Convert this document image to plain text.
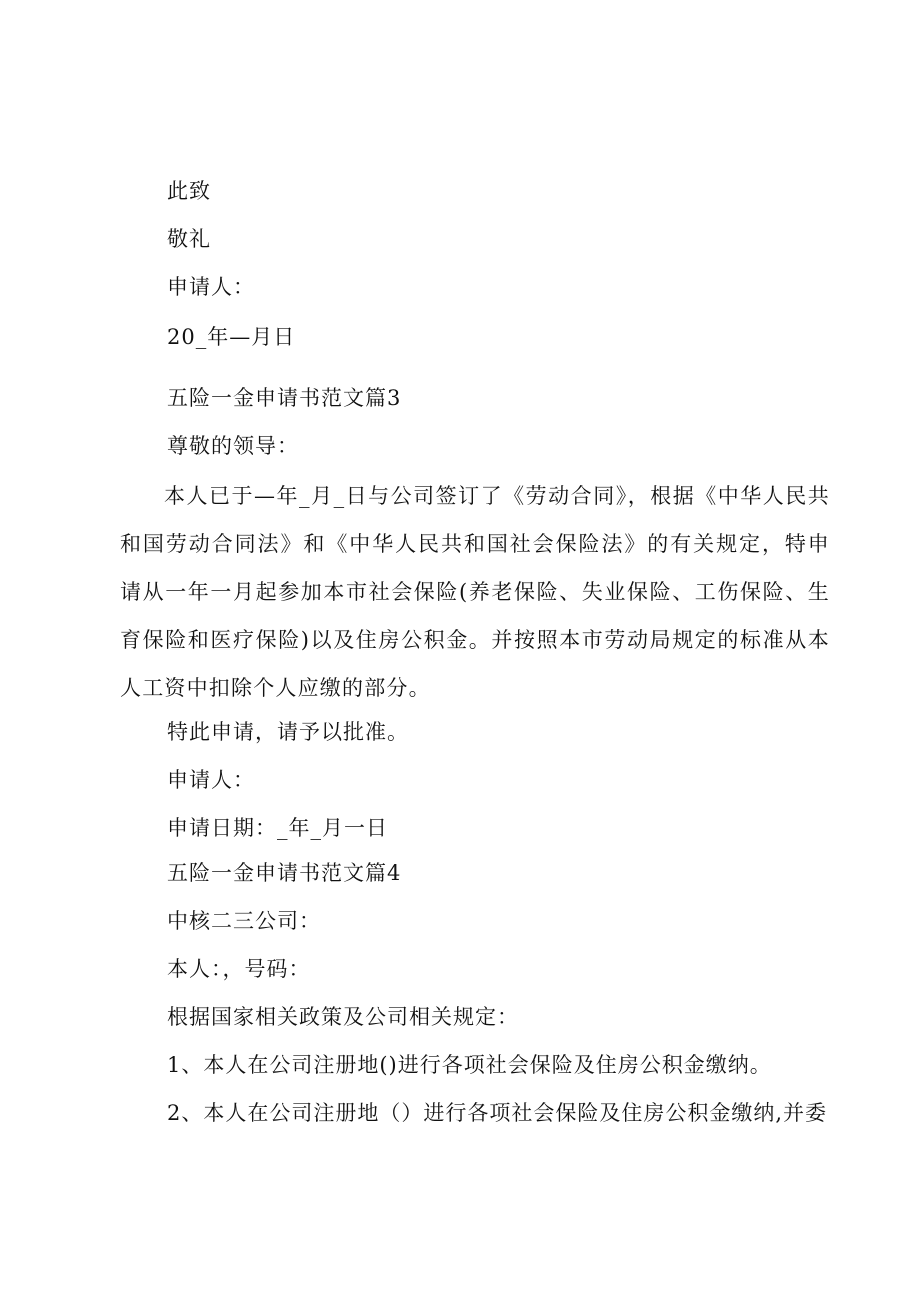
此致
敬礼
申请人：
20_年—月日
五险一金申请书范文篇3
尊敬的领导：
本人已于—年_月_日与公司签订了《劳动合同》，根据《中华人民共和国劳动合同法》和《中华人民共和国社会保险法》的有关规定，特申请从一年一月起参加本市社会保险(养老保险、失业保险、工伤保险、生育保险和医疗保险)以及住房公积金。并按照本市劳动局规定的标准从本人工资中扣除个人应缴的部分。
特此申请，请予以批准。
申请人：
申请日期：_年_月一日
五险一金申请书范文篇4
中核二三公司：
本人：，号码：
根据国家相关政策及公司相关规定：
1、本人在公司注册地()进行各项社会保险及住房公积金缴纳。
2、本人在公司注册地（）进行各项社会保险及住房公积金缴纳,并委
